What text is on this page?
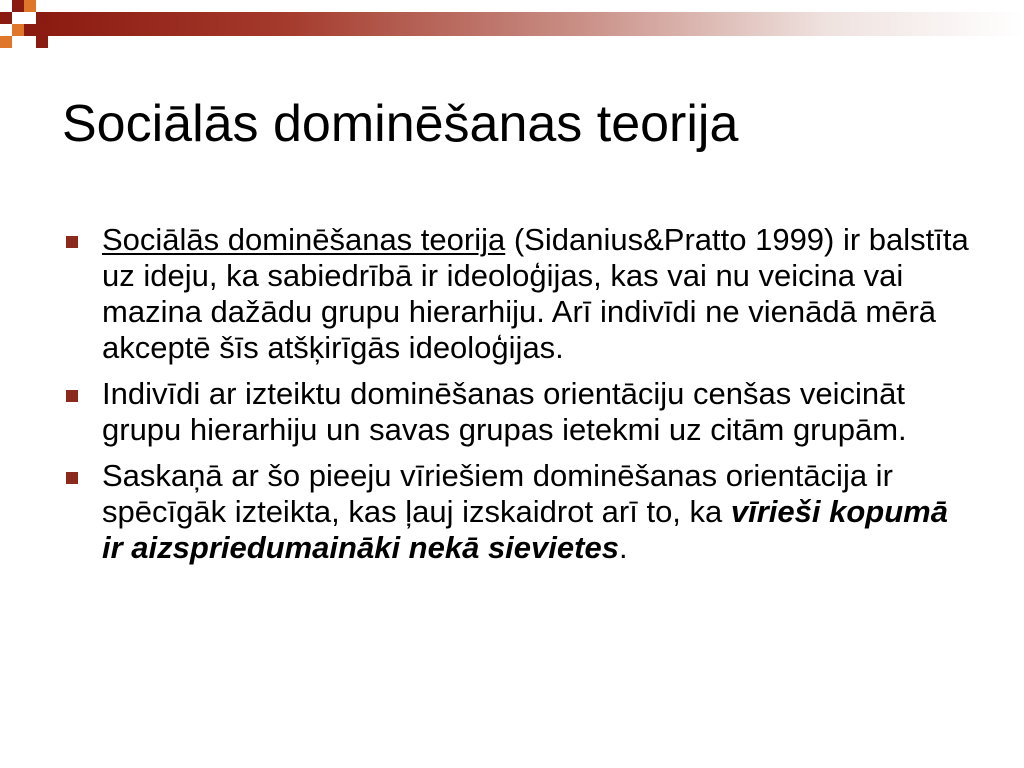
Sociālās dominēšanas teorija
Sociālās dominēšanas teorija (Sidanius&Pratto 1999) ir balstīta uz ideju, ka sabiedrībā ir ideoloģijas, kas vai nu veicina vai mazina dažādu grupu hierarhiju. Arī indivīdi ne vienādā mērā akceptē šīs atšķirīgās ideoloģijas.
Indivīdi ar izteiktu dominēšanas orientāciju cenšas veicināt grupu hierarhiju un savas grupas ietekmi uz citām grupām.
Saskaņā ar šo pieeju vīriešiem dominēšanas orientācija ir spēcīgāk izteikta, kas ļauj izskaidrot arī to, ka vīrieši kopumā ir aizspriedumaināki nekā sievietes.
